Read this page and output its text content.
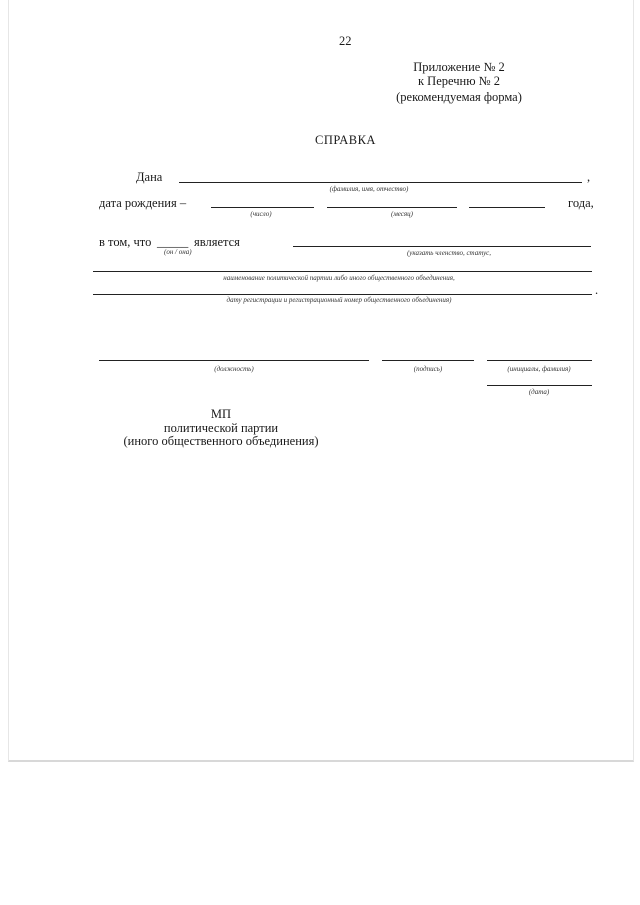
22
Приложение № 2
к Перечню № 2
(рекомендуемая форма)
СПРАВКА
Дана	,
(фамилия, имя, отчество)
дата рождения –	года,
(число)	(месяц)
в том, что _____ является
(он / она)	(указать членство, статус,
наименование политической партии либо иного общественного объединения,
.
дату регистрации и регистрационный номер общественного объединения)
(должность)	(подпись)	(инициалы, фамилия)
(дата)
МП
политической партии
(иного общественного объединения)
